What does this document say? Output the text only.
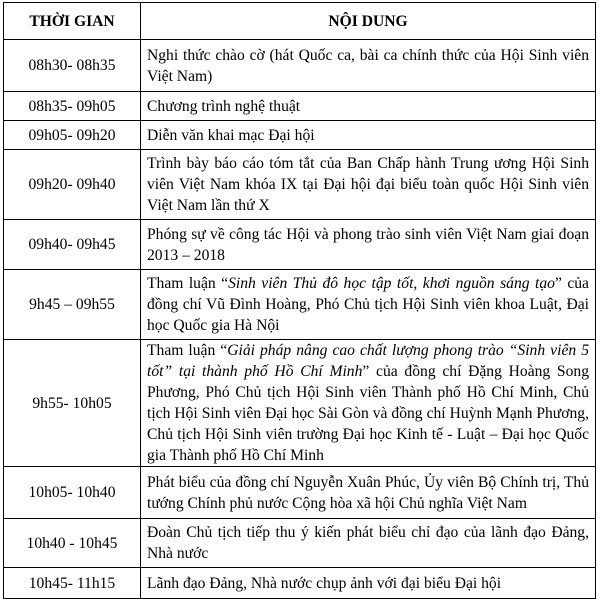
THỜI GIAN	NỘI DUNG
08h30- 08h35	Nghi thức chào cờ (hát Quốc ca, bài ca chính thức của Hội Sinh viên Việt Nam)
08h35- 09h05	Chương trình nghệ thuật
09h05- 09h20	Diễn văn khai mạc Đại hội
09h20- 09h40	Trình bày báo cáo tóm tắt của Ban Chấp hành Trung ương Hội Sinh viên Việt Nam khóa IX tại Đại hội đại biểu toàn quốc Hội Sinh viên Việt Nam lần thứ X
09h40- 09h45	Phóng sự về công tác Hội và phong trào sinh viên Việt Nam giai đoạn 2013 – 2018
9h45 – 09h55	Tham luận “Sinh viên Thủ đô học tập tốt, khơi nguồn sáng tạo” của đồng chí Vũ Đình Hoàng, Phó Chủ tịch Hội Sinh viên khoa Luật, Đại học Quốc gia Hà Nội
9h55- 10h05	Tham luận “Giải pháp nâng cao chất lượng phong trào “Sinh viên 5 tốt” tại thành phố Hồ Chí Minh” của đồng chí Đặng Hoàng Song Phương, Phó Chủ tịch Hội Sinh viên Thành phố Hồ Chí Minh, Chủ tịch Hội Sinh viên Đại học Sài Gòn và đồng chí Huỳnh Mạnh Phương, Chủ tịch Hội Sinh viên trường Đại học Kinh tế - Luật – Đại học Quốc gia Thành phố Hồ Chí Minh
10h05- 10h40	Phát biểu của đồng chí Nguyễn Xuân Phúc, Ủy viên Bộ Chính trị, Thủ tướng Chính phủ nước Cộng hòa xã hội Chủ nghĩa Việt Nam
10h40 - 10h45	Đoàn Chủ tịch tiếp thu ý kiến phát biểu chỉ đạo của lãnh đạo Đảng, Nhà nước
10h45- 11h15	Lãnh đạo Đảng, Nhà nước chụp ảnh với đại biểu Đại hội
